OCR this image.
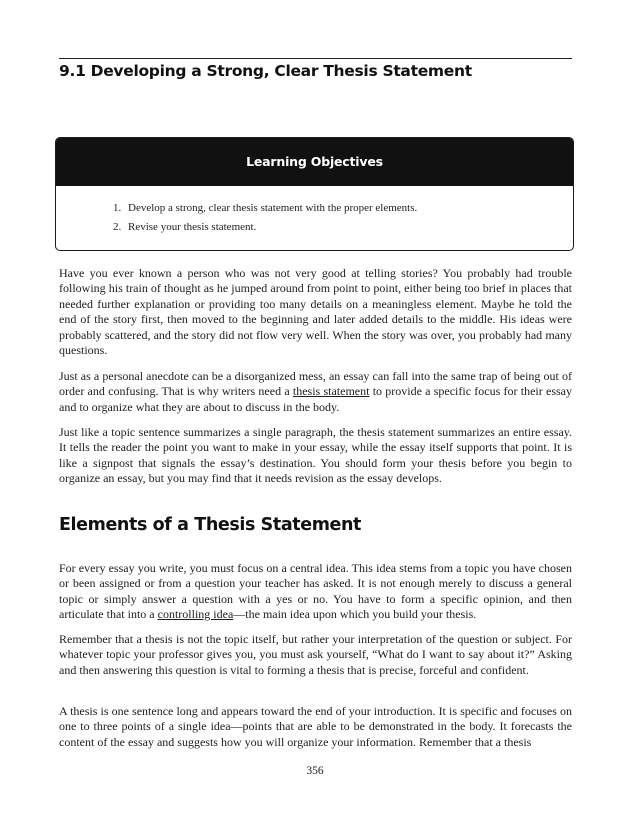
9.1 Developing a Strong, Clear Thesis Statement
Learning Objectives
1. Develop a strong, clear thesis statement with the proper elements.
2. Revise your thesis statement.

Have you ever known a person who was not very good at telling stories? You probably had trouble following his train of thought as he jumped around from point to point, either being too brief in places that needed further explanation or providing too many details on a meaningless element. Maybe he told the end of the story first, then moved to the beginning and later added details to the middle. His ideas were probably scattered, and the story did not flow very well. When the story was over, you probably had many questions.

Just as a personal anecdote can be a disorganized mess, an essay can fall into the same trap of being out of order and confusing. That is why writers need a thesis statement to provide a specific focus for their essay and to organize what they are about to discuss in the body.

Just like a topic sentence summarizes a single paragraph, the thesis statement summarizes an entire essay. It tells the reader the point you want to make in your essay, while the essay itself supports that point. It is like a signpost that signals the essay’s destination. You should form your thesis before you begin to organize an essay, but you may find that it needs revision as the essay develops.

Elements of a Thesis Statement

For every essay you write, you must focus on a central idea. This idea stems from a topic you have chosen or been assigned or from a question your teacher has asked. It is not enough merely to discuss a general topic or simply answer a question with a yes or no. You have to form a specific opinion, and then articulate that into a controlling idea—the main idea upon which you build your thesis.

Remember that a thesis is not the topic itself, but rather your interpretation of the question or subject. For whatever topic your professor gives you, you must ask yourself, “What do I want to say about it?” Asking and then answering this question is vital to forming a thesis that is precise, forceful and confident.

A thesis is one sentence long and appears toward the end of your introduction. It is specific and focuses on one to three points of a single idea—points that are able to be demonstrated in the body. It forecasts the content of the essay and suggests how you will organize your information. Remember that a thesis

356
